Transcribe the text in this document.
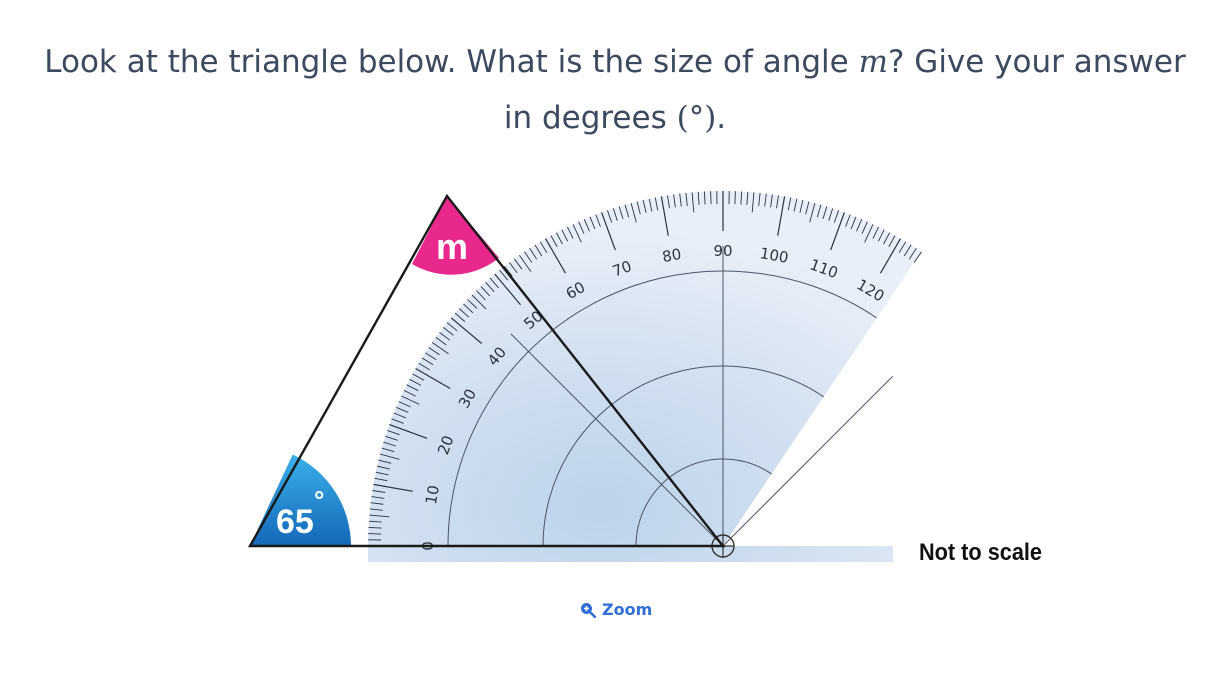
Look at the triangle below. What is the size of angle m? Give your answer in degrees (°).
0
10
20
30
40
50
60
70
80 90 100 110
120
65
°
m
Not to scale
Zoom
